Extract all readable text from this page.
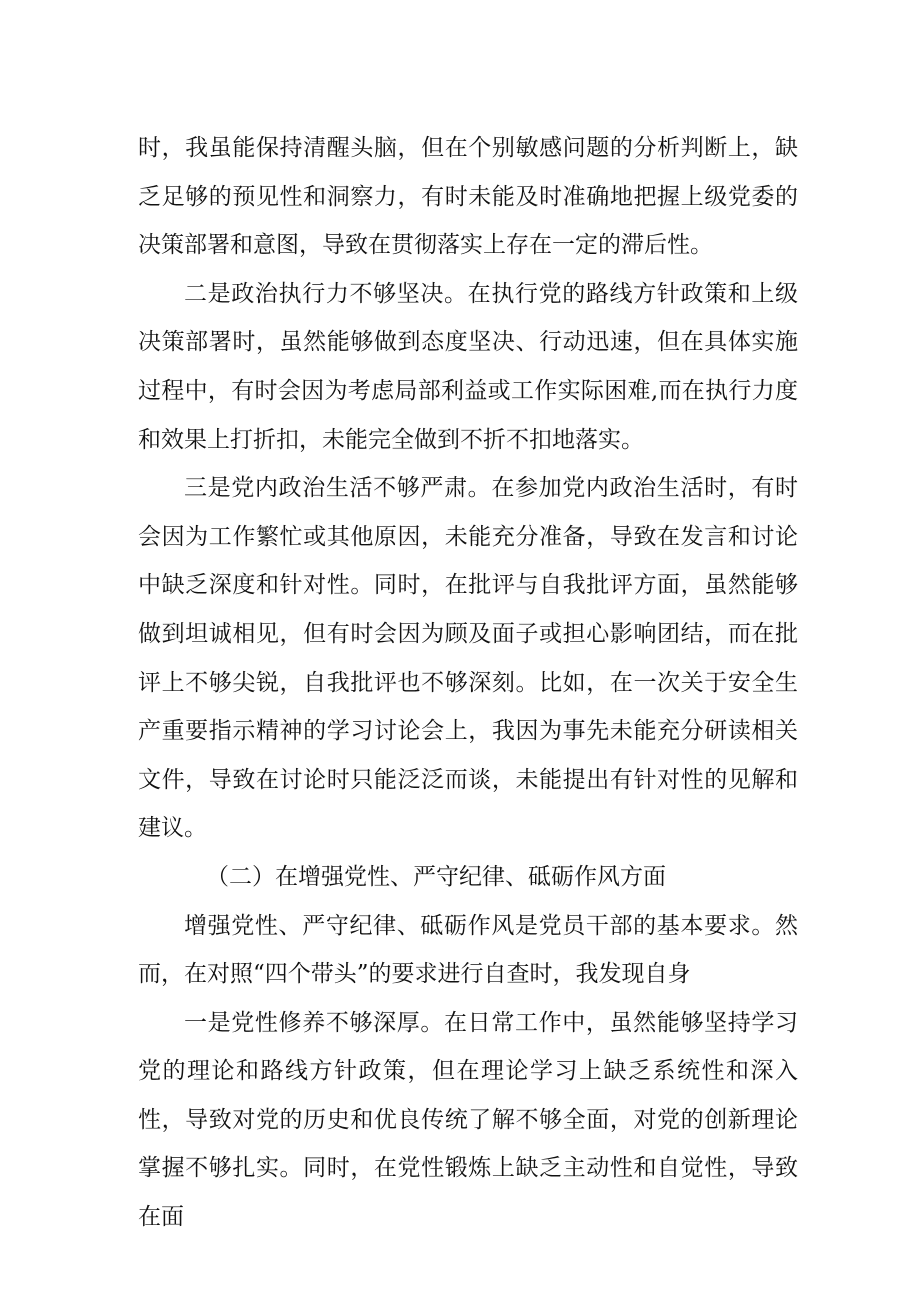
时，我虽能保持清醒头脑，但在个别敏感问题的分析判断上，缺乏足够的预见性和洞察力，有时未能及时准确地把握上级党委的决策部署和意图，导致在贯彻落实上存在一定的滞后性。

二是政治执行力不够坚决。在执行党的路线方针政策和上级决策部署时，虽然能够做到态度坚决、行动迅速，但在具体实施过程中，有时会因为考虑局部利益或工作实际困难,而在执行力度和效果上打折扣，未能完全做到不折不扣地落实。

三是党内政治生活不够严肃。在参加党内政治生活时，有时会因为工作繁忙或其他原因，未能充分准备，导致在发言和讨论中缺乏深度和针对性。同时，在批评与自我批评方面，虽然能够做到坦诚相见，但有时会因为顾及面子或担心影响团结，而在批评上不够尖锐，自我批评也不够深刻。比如，在一次关于安全生产重要指示精神的学习讨论会上，我因为事先未能充分研读相关文件，导致在讨论时只能泛泛而谈，未能提出有针对性的见解和建议。

（二）在增强党性、严守纪律、砥砺作风方面

增强党性、严守纪律、砥砺作风是党员干部的基本要求。然而，在对照“四个带头”的要求进行自查时，我发现自身

一是党性修养不够深厚。在日常工作中，虽然能够坚持学习党的理论和路线方针政策，但在理论学习上缺乏系统性和深入性，导致对党的历史和优良传统了解不够全面，对党的创新理论掌握不够扎实。同时，在党性锻炼上缺乏主动性和自觉性，导致在面
